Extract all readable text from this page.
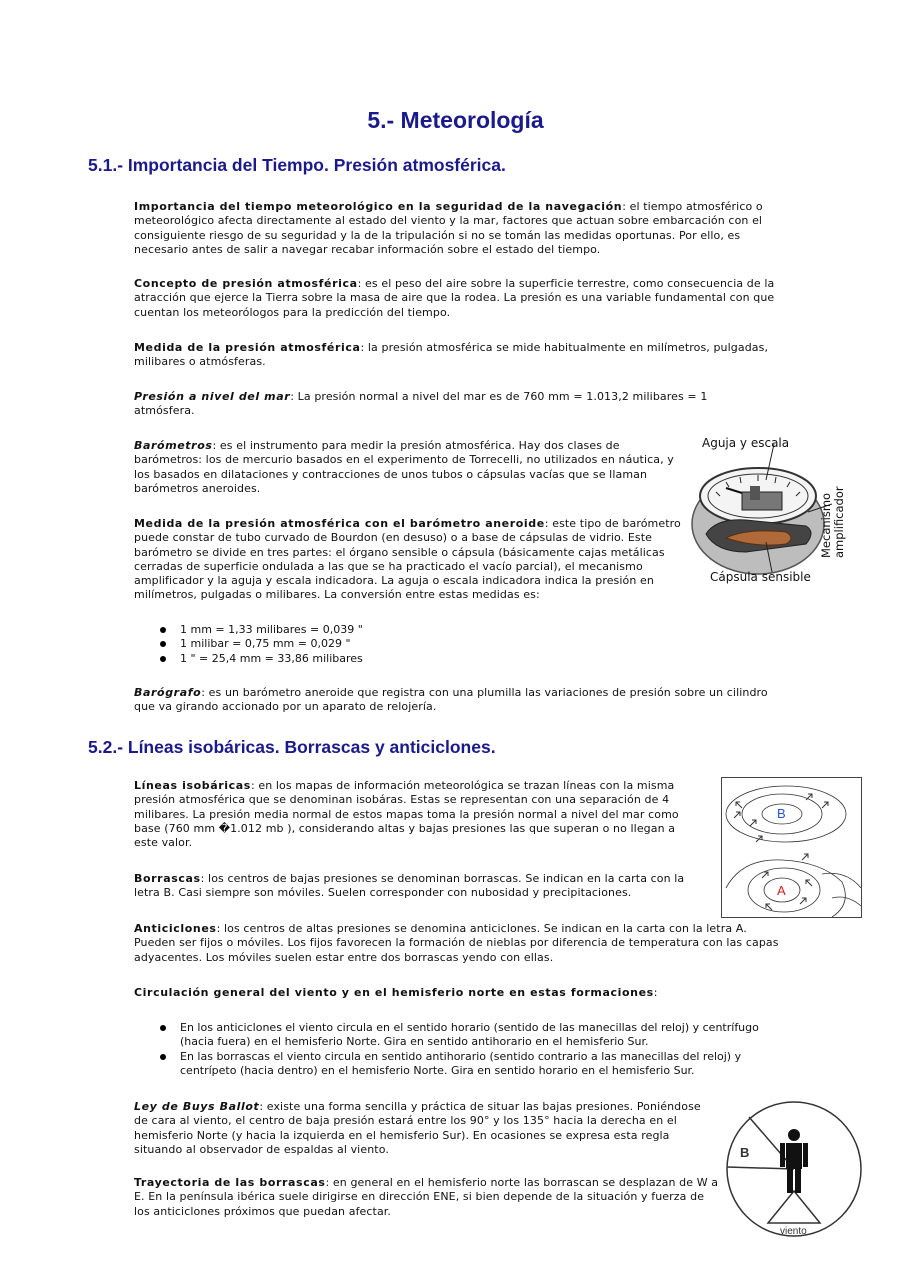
5.- Meteorología
5.1.- Importancia del Tiempo. Presión atmosférica.

Importancia del tiempo meteorológico en la seguridad de la navegación: el tiempo atmosférico o meteorológico afecta directamente al estado del viento y la mar, factores que actuan sobre embarcación con el consiguiente riesgo de su seguridad y la de la tripulación si no se tomán las medidas oportunas. Por ello, es necesario antes de salir a navegar recabar información sobre el estado del tiempo.

Concepto de presión atmosférica: es el peso del aire sobre la superficie terrestre, como consecuencia de la atracción que ejerce la Tierra sobre la masa de aire que la rodea. La presión es una variable fundamental con que cuentan los meteorólogos para la predicción del tiempo.

Medida de la presión atmosférica: la presión atmosférica se mide habitualmente en milímetros, pulgadas, milibares o atmósferas.

Presión a nivel del mar: La presión normal a nivel del mar es de 760 mm = 1.013,2 milibares = 1 atmósfera.

Barómetros: es el instrumento para medir la presión atmosférica. Hay dos clases de barómetros: los de mercurio basados en el experimento de Torrecelli, no utilizados en náutica, y los basados en dilataciones y contracciones de unos tubos o cápsulas vacías que se llaman barómetros aneroides.

Medida de la presión atmosférica con el barómetro aneroide: este tipo de barómetro puede constar de tubo curvado de Bourdon (en desuso) o a base de cápsulas de vidrio. Este barómetro se divide en tres partes: el órgano sensible o cápsula (básicamente cajas metálicas cerradas de superficie ondulada a las que se ha practicado el vacío parcial), el mecanismo amplificador y la aguja y escala indicadora. La aguja o escala indicadora indica la presión en milímetros, pulgadas o milibares. La conversión entre estas medidas es:

1 mm = 1,33 milibares = 0,039 "
1 milibar = 0,75 mm = 0,029 "
1 " = 25,4 mm = 33,86 milibares

Barógrafo: es un barómetro aneroide que registra con una plumilla las variaciones de presión sobre un cilindro que va girando accionado por un aparato de relojería.

Aguja y escala
Mecanismo
amplificador
Cápsula sensible
5.2.- Líneas isobáricas. Borrascas y anticiclones.

Líneas isobáricas: en los mapas de información meteorológica se trazan líneas con la misma presión atmosférica que se denominan isobáras. Estas se representan con una separación de 4 milibares. La presión media normal de estos mapas toma la presión normal a nivel del mar como base (760 mm �1.012 mb ), considerando altas y bajas presiones las que superan o no llegan a este valor.

Borrascas: los centros de bajas presiones se denominan borrascas. Se indican en la carta con la letra B. Casi siempre son móviles. Suelen corresponder con nubosidad y precipitaciones.

B
A

Anticiclones: los centros de altas presiones se denomina anticiclones. Se indican en la carta con la letra A. Pueden ser fijos o móviles. Los fijos favorecen la formación de nieblas por diferencia de temperatura con las capas adyacentes. Los móviles suelen estar entre dos borrascas yendo con ellas.

Circulación general del viento y en el hemisferio norte en estas formaciones:

En los anticiclones el viento circula en el sentido horario (sentido de las manecillas del reloj) y centrífugo (hacia fuera) en el hemisferio Norte. Gira en sentido antihorario en el hemisferio Sur.
En las borrascas el viento circula en sentido antihorario (sentido contrario a las manecillas del reloj) y centrípeto (hacia dentro) en el hemisferio Norte. Gira en sentido horario en el hemisferio Sur.

Ley de Buys Ballot: existe una forma sencilla y práctica de situar las bajas presiones. Poniéndose de cara al viento, el centro de baja presión estará entre los 90° y los 135° hacia la derecha en el hemisferio Norte (y hacia la izquierda en el hemisferio Sur). En ocasiones se expresa esta regla situando al observador de espaldas al viento.

Trayectoria de las borrascas: en general en el hemisferio norte las borrascan se desplazan de W a E. En la península ibérica suele dirigirse en dirección ENE, si bien depende de la situación y fuerza de los anticiclones próximos que puedan afectar.

B
viento
